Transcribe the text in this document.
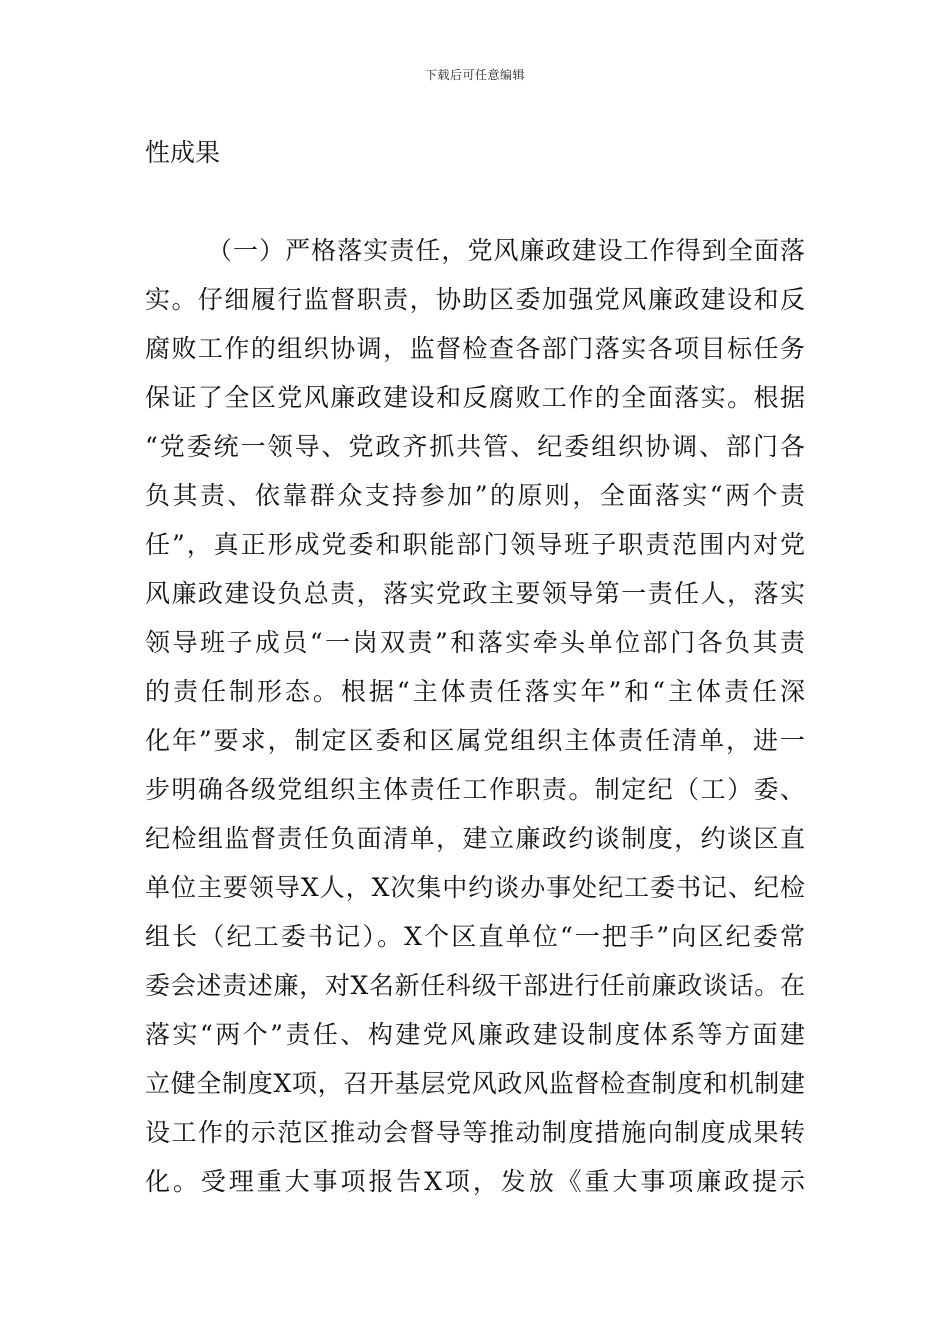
下载后可任意编辑
性成果
（一）严格落实责任，党风廉政建设工作得到全面落
实。仔细履行监督职责，协助区委加强党风廉政建设和反
腐败工作的组织协调，监督检查各部门落实各项目标任务
保证了全区党风廉政建设和反腐败工作的全面落实。根据
“党委统一领导、党政齐抓共管、纪委组织协调、部门各
负其责、依靠群众支持参加”的原则，全面落实“两个责
任”，真正形成党委和职能部门领导班子职责范围内对党
风廉政建设负总责，落实党政主要领导第一责任人，落实
领导班子成员“一岗双责”和落实牵头单位部门各负其责
的责任制形态。根据“主体责任落实年”和“主体责任深
化年”要求，制定区委和区属党组织主体责任清单，进一
步明确各级党组织主体责任工作职责。制定纪（工）委、
纪检组监督责任负面清单，建立廉政约谈制度，约谈区直
单位主要领导X人，X次集中约谈办事处纪工委书记、纪检
组长（纪工委书记）。X个区直单位“一把手”向区纪委常
委会述责述廉，对X名新任科级干部进行任前廉政谈话。在
落实“两个”责任、构建党风廉政建设制度体系等方面建
立健全制度X项，召开基层党风政风监督检查制度和机制建
设工作的示范区推动会督导等推动制度措施向制度成果转
化。受理重大事项报告X项，发放《重大事项廉政提示
